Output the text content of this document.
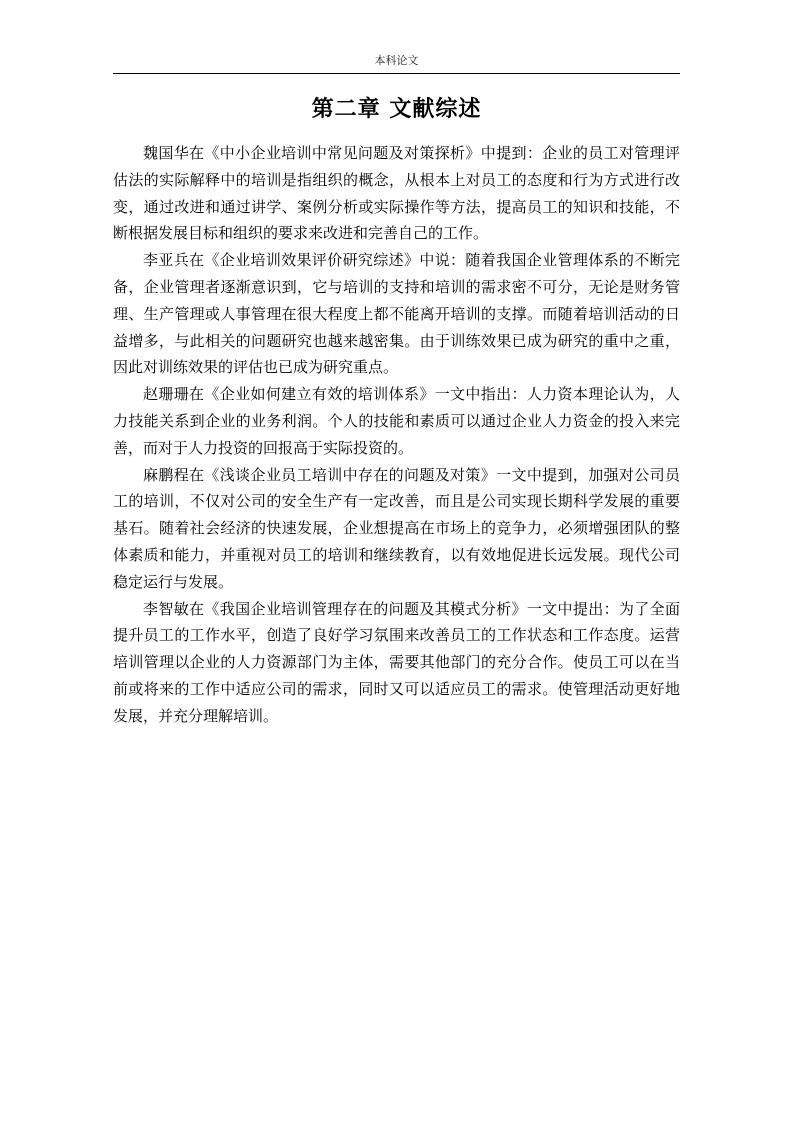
本科论文
第二章 文献综述

魏国华在《中小企业培训中常见问题及对策探析》中提到：企业的员工对管理评估法的实际解释中的培训是指组织的概念，从根本上对员工的态度和行为方式进行改变，通过改进和通过讲学、案例分析或实际操作等方法，提高员工的知识和技能，不断根据发展目标和组织的要求来改进和完善自己的工作。

李亚兵在《企业培训效果评价研究综述》中说：随着我国企业管理体系的不断完备，企业管理者逐渐意识到，它与培训的支持和培训的需求密不可分，无论是财务管理、生产管理或人事管理在很大程度上都不能离开培训的支撑。而随着培训活动的日益增多，与此相关的问题研究也越来越密集。由于训练效果已成为研究的重中之重，因此对训练效果的评估也已成为研究重点。

赵珊珊在《企业如何建立有效的培训体系》一文中指出：人力资本理论认为，人力技能关系到企业的业务利润。个人的技能和素质可以通过企业人力资金的投入来完善，而对于人力投资的回报高于实际投资的。

麻鹏程在《浅谈企业员工培训中存在的问题及对策》一文中提到，加强对公司员工的培训，不仅对公司的安全生产有一定改善，而且是公司实现长期科学发展的重要基石。随着社会经济的快速发展，企业想提高在市场上的竞争力，必须增强团队的整体素质和能力，并重视对员工的培训和继续教育，以有效地促进长远发展。现代公司稳定运行与发展。

李智敏在《我国企业培训管理存在的问题及其模式分析》一文中提出：为了全面提升员工的工作水平，创造了良好学习氛围来改善员工的工作状态和工作态度。运营培训管理以企业的人力资源部门为主体，需要其他部门的充分合作。使员工可以在当前或将来的工作中适应公司的需求，同时又可以适应员工的需求。使管理活动更好地发展，并充分理解培训。
